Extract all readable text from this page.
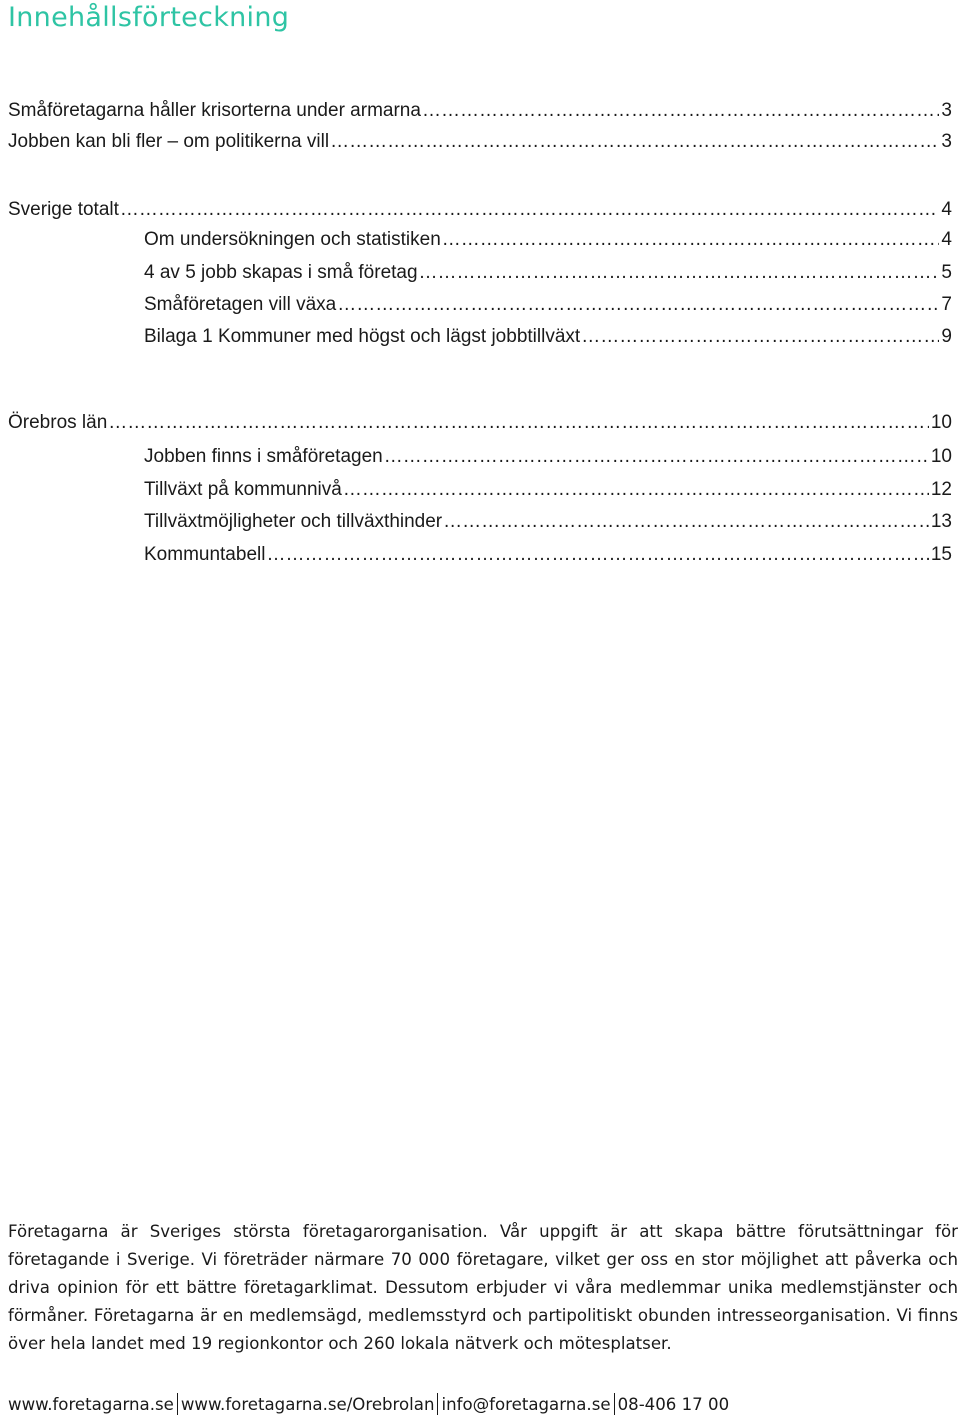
Innehållsförteckning
Småföretagarna håller krisorterna under armarna ……………………………………………………………………………………………………………………………………………………………………………………	3
Jobben kan bli fler – om politikerna vill ……………………………………………………………………………………………………………………………………………………………………………………	3
Sverige totalt ……………………………………………………………………………………………………………………………………………………………………………………	4
Om undersökningen och statistiken ……………………………………………………………………………………………………………………………………………………………………………………	4
4 av 5 jobb skapas i små företag ……………………………………………………………………………………………………………………………………………………………………………………	5
Småföretagen vill växa ……………………………………………………………………………………………………………………………………………………………………………………	7
Bilaga 1 Kommuner med högst och lägst jobbtillväxt ……………………………………………………………………………………………………………………………………………………………………………………	9
Örebros län ……………………………………………………………………………………………………………………………………………………………………………………	10
Jobben finns i småföretagen ……………………………………………………………………………………………………………………………………………………………………………………	10
Tillväxt på kommunnivå ……………………………………………………………………………………………………………………………………………………………………………………	12
Tillväxtmöjligheter och tillväxthinder ……………………………………………………………………………………………………………………………………………………………………………………	13
Kommuntabell ……………………………………………………………………………………………………………………………………………………………………………………	15
Företagarna är Sveriges största företagarorganisation. Vår uppgift är att skapa bättre förutsättningar för företagande i Sverige. Vi företräder närmare 70 000 företagare, vilket ger oss en stor möjlighet att påverka och driva opinion för ett bättre företagarklimat. Dessutom erbjuder vi våra medlemmar unika medlemstjänster och förmåner. Företagarna är en medlemsägd, medlemsstyrd och partipolitiskt obunden intresseorganisation. Vi finns över hela landet med 19 regionkontor och 260 lokala nätverk och mötesplatser.
www.foretagarna.se www.foretagarna.se/Orebrolan info@foretagarna.se 08-406 17 00
